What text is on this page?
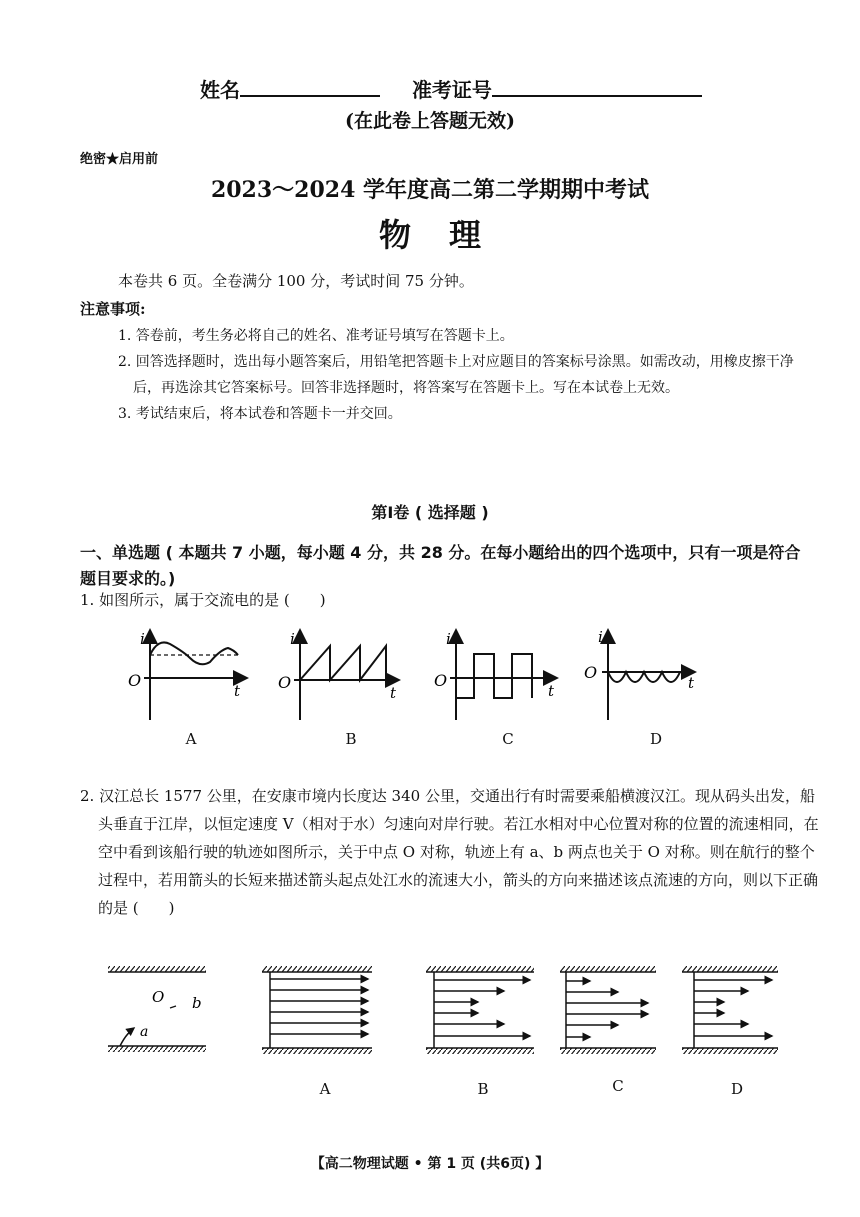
姓名	准考证号
(在此卷上答题无效)
绝密★启用前
2023～2024 学年度高二第二学期期中考试
物理
本卷共 6 页。全卷满分 100 分，考试时间 75 分钟。
注意事项:
1. 答卷前，考生务必将自己的姓名、准考证号填写在答题卡上。
2. 回答选择题时，选出每小题答案后，用铅笔把答题卡上对应题目的答案标号涂黑。如需改动，用橡皮擦干净后，再选涂其它答案标号。回答非选择题时，将答案写在答题卡上。写在本试卷上无效。
3. 考试结束后，将本试卷和答题卡一并交回。
第Ⅰ卷 ( 选择题 )
一、单选题 ( 本题共 7 小题，每小题 4 分，共 28 分。在每小题给出的四个选项中，只有一项是符合题目要求的。)
1. 如图所示，属于交流电的是 (　　)
i
O
t
i
O
t
i
O
t
i
O
t
A	B	C	D
2. 汉江总长 1577 公里，在安康市境内长度达 340 公里，交通出行有时需要乘船横渡汉江。现从码头出发，船头垂直于江岸，以恒定速度 V（相对于水）匀速向对岸行驶。若江水相对中心位置对称的位置的流速相同，在空中看到该船行驶的轨迹如图所示，关于中点 O 对称，轨迹上有 a、b 两点也关于 O 对称。则在航行的整个过程中，若用箭头的长短来描述箭头起点处江水的流速大小，箭头的方向来描述该点流速的方向，则以下正确的是 (　　)
O b
a
A	B	C	D
【高二物理试题 • 第 1 页 (共6页) 】
